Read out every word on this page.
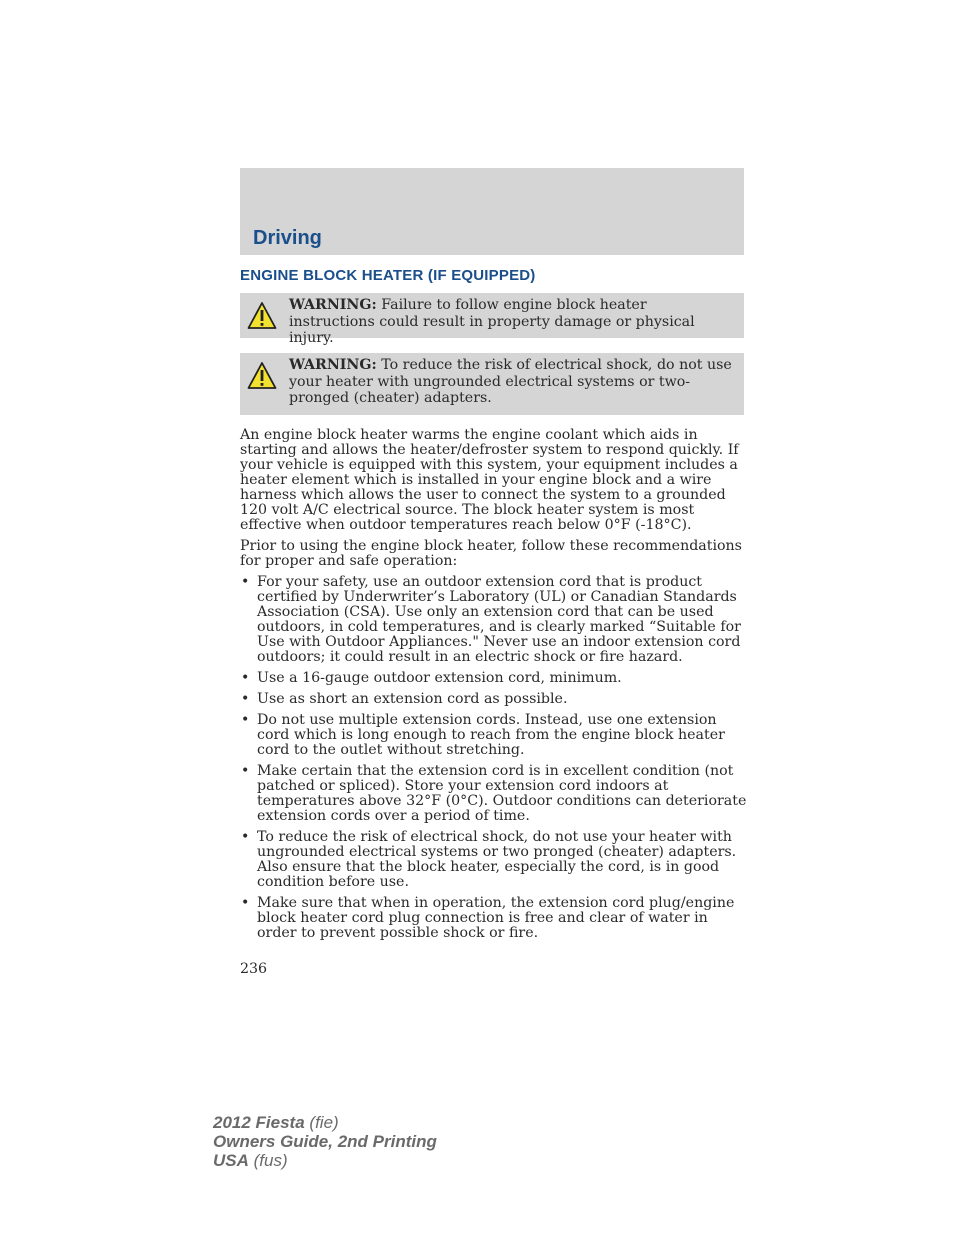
Driving
ENGINE BLOCK HEATER (IF EQUIPPED)
WARNING: Failure to follow engine block heater instructions could result in property damage or physical injury.
WARNING: To reduce the risk of electrical shock, do not use your heater with ungrounded electrical systems or two-pronged (cheater) adapters.

An engine block heater warms the engine coolant which aids in starting and allows the heater/defroster system to respond quickly. If your vehicle is equipped with this system, your equipment includes a heater element which is installed in your engine block and a wire harness which allows the user to connect the system to a grounded 120 volt A/C electrical source. The block heater system is most effective when outdoor temperatures reach below 0°F (-18°C).

Prior to using the engine block heater, follow these recommendations for proper and safe operation:

• For your safety, use an outdoor extension cord that is product certified by Underwriter’s Laboratory (UL) or Canadian Standards Association (CSA). Use only an extension cord that can be used outdoors, in cold temperatures, and is clearly marked “Suitable for Use with Outdoor Appliances." Never use an indoor extension cord outdoors; it could result in an electric shock or fire hazard.
• Use a 16-gauge outdoor extension cord, minimum.
• Use as short an extension cord as possible.
• Do not use multiple extension cords. Instead, use one extension cord which is long enough to reach from the engine block heater cord to the outlet without stretching.
• Make certain that the extension cord is in excellent condition (not patched or spliced). Store your extension cord indoors at temperatures above 32°F (0°C). Outdoor conditions can deteriorate extension cords over a period of time.
• To reduce the risk of electrical shock, do not use your heater with ungrounded electrical systems or two pronged (cheater) adapters. Also ensure that the block heater, especially the cord, is in good condition before use.
• Make sure that when in operation, the extension cord plug/engine block heater cord plug connection is free and clear of water in order to prevent possible shock or fire.
236
2012 Fiesta (fie)
Owners Guide, 2nd Printing
USA (fus)
